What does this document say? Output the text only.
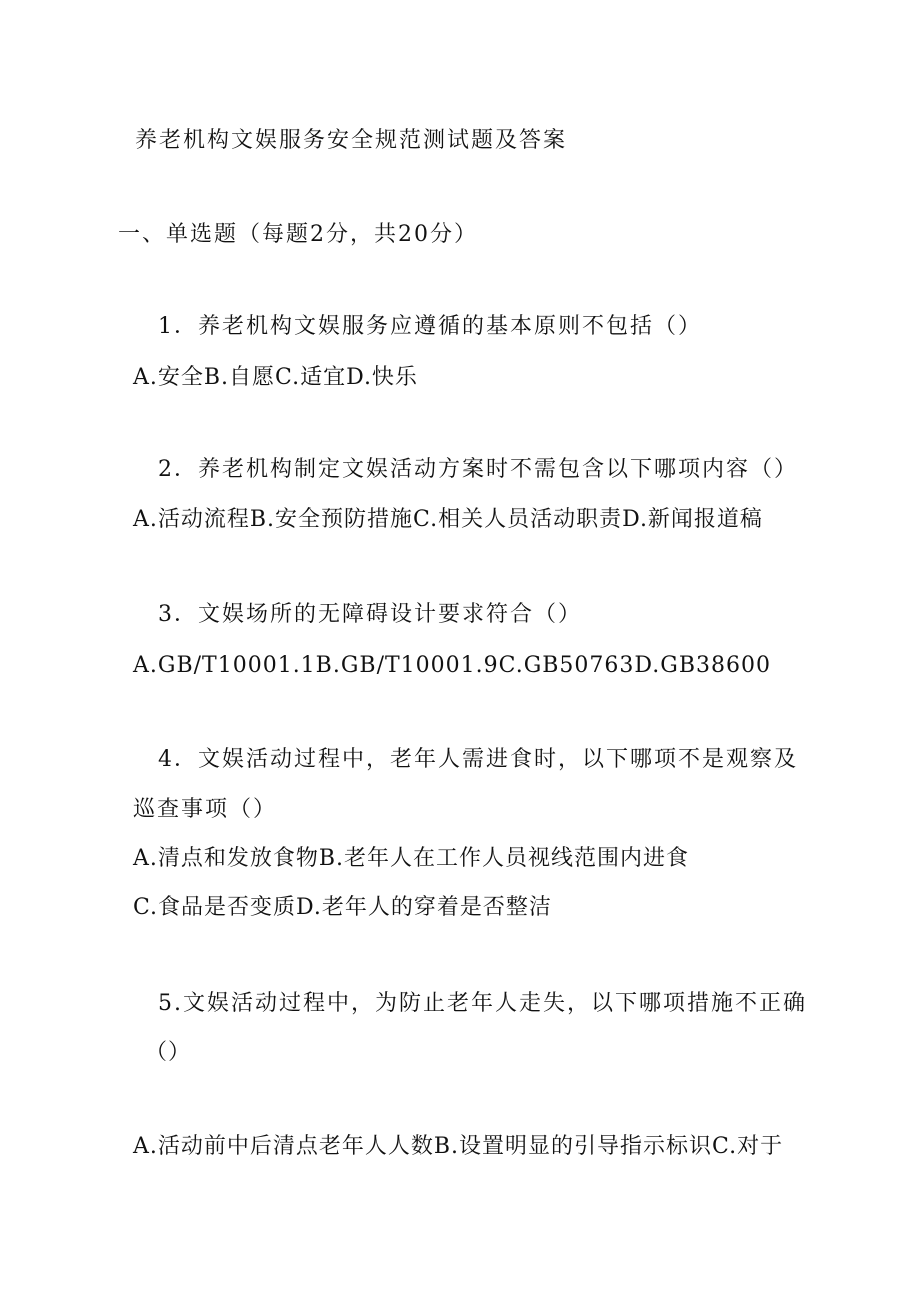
养老机构文娱服务安全规范测试题及答案
一、单选题（每题2分，共20分）
1．养老机构文娱服务应遵循的基本原则不包括（）
A.安全B.自愿C.适宜D.快乐
2．养老机构制定文娱活动方案时不需包含以下哪项内容（）
A.活动流程B.安全预防措施C.相关人员活动职责D.新闻报道稿
3．文娱场所的无障碍设计要求符合（）
A.GB/T10001.1B.GB/T10001.9C.GB50763D.GB38600
4．文娱活动过程中，老年人需进食时，以下哪项不是观察及
巡查事项（）
A.清点和发放食物B.老年人在工作人员视线范围内进食
C.食品是否变质D.老年人的穿着是否整洁
5.文娱活动过程中，为防止老年人走失，以下哪项措施不正确
（）
A.活动前中后清点老年人人数B.设置明显的引导指示标识C.对于
